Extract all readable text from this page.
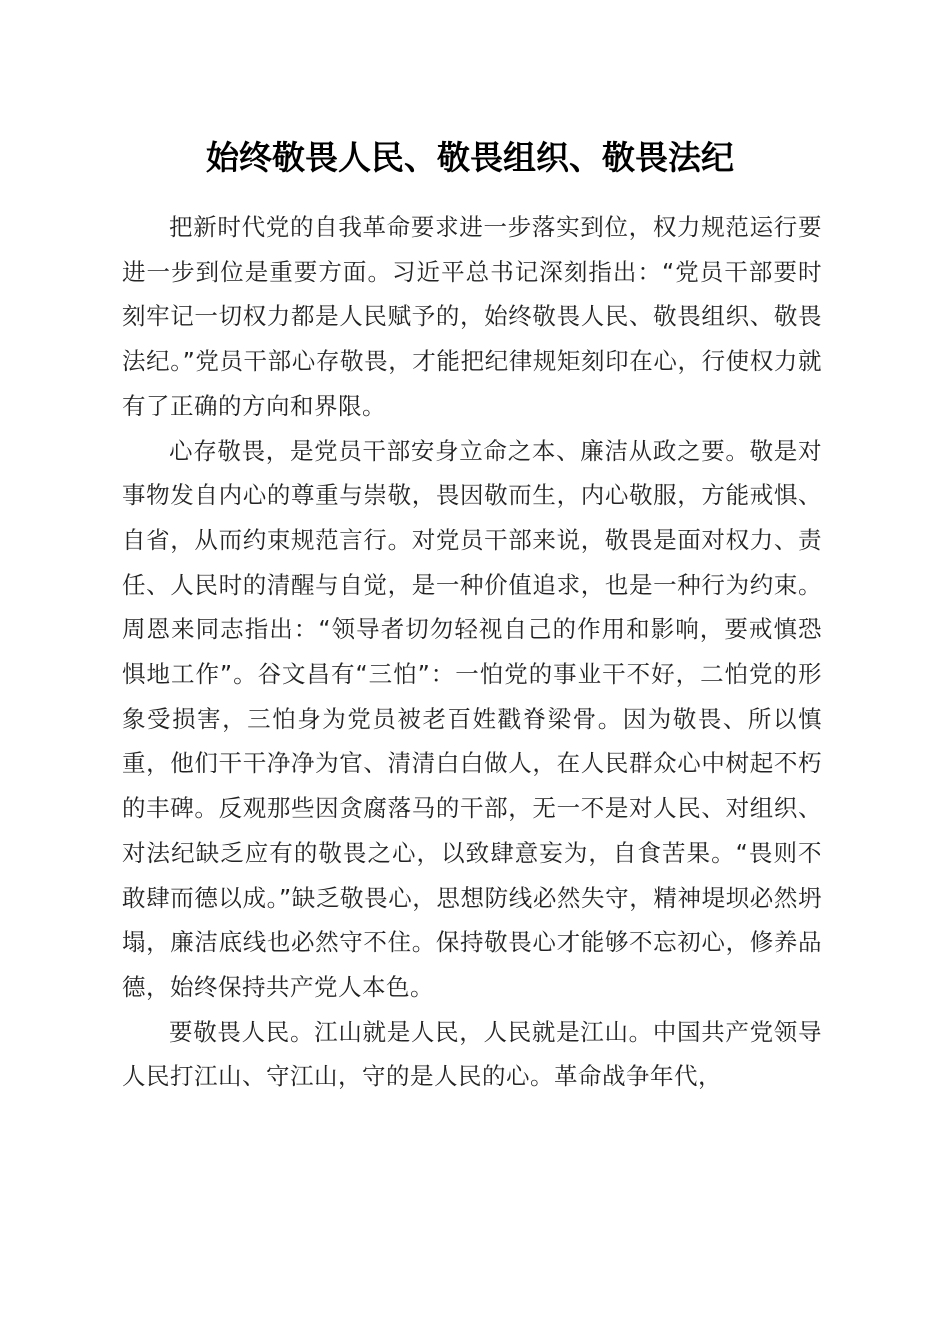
始终敬畏人民、敬畏组织、敬畏法纪

把新时代党的自我革命要求进一步落实到位，权力规范运行要进一步到位是重要方面。习近平总书记深刻指出：“党员干部要时刻牢记一切权力都是人民赋予的，始终敬畏人民、敬畏组织、敬畏法纪。”党员干部心存敬畏，才能把纪律规矩刻印在心，行使权力就有了正确的方向和界限。

心存敬畏，是党员干部安身立命之本、廉洁从政之要。敬是对事物发自内心的尊重与崇敬，畏因敬而生，内心敬服，方能戒惧、自省，从而约束规范言行。对党员干部来说，敬畏是面对权力、责任、人民时的清醒与自觉，是一种价值追求，也是一种行为约束。周恩来同志指出：“领导者切勿轻视自己的作用和影响，要戒慎恐惧地工作”。谷文昌有“三怕”：一怕党的事业干不好，二怕党的形象受损害，三怕身为党员被老百姓戳脊梁骨。因为敬畏、所以慎重，他们干干净净为官、清清白白做人，在人民群众心中树起不朽的丰碑。反观那些因贪腐落马的干部，无一不是对人民、对组织、对法纪缺乏应有的敬畏之心，以致肆意妄为，自食苦果。“畏则不敢肆而德以成。”缺乏敬畏心，思想防线必然失守，精神堤坝必然坍塌，廉洁底线也必然守不住。保持敬畏心才能够不忘初心，修养品德，始终保持共产党人本色。

要敬畏人民。江山就是人民，人民就是江山。中国共产党领导人民打江山、守江山，守的是人民的心。革命战争年代，
